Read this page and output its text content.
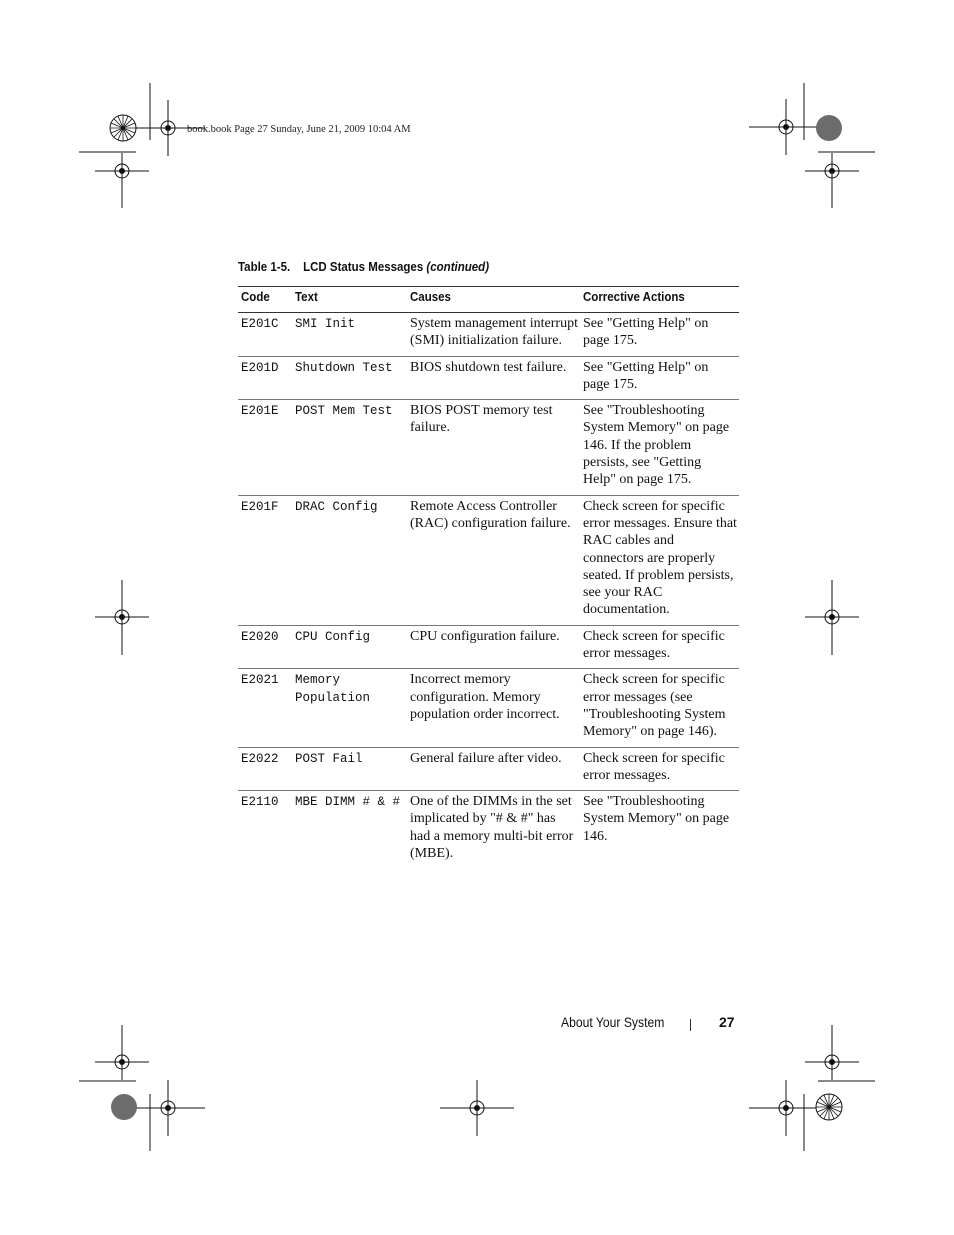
book.book Page 27 Sunday, June 21, 2009 10:04 AM
Table 1-5. LCD Status Messages (continued)
Code	Text	Causes	Corrective Actions
E201C	SMI Init	System management interrupt (SMI) initialization failure.	See "Getting Help" on page 175.
E201D	Shutdown Test	BIOS shutdown test failure.	See "Getting Help" on page 175.
E201E	POST Mem Test	BIOS POST memory test failure.	See "Troubleshooting System Memory" on page 146. If the problem persists, see "Getting Help" on page 175.
E201F	DRAC Config	Remote Access Controller (RAC) configuration failure.	Check screen for specific error messages. Ensure that RAC cables and connectors are properly seated. If problem persists, see your RAC documentation.
E2020	CPU Config	CPU configuration failure.	Check screen for specific error messages.
E2021	Memory Population	Incorrect memory configuration. Memory population order incorrect.	Check screen for specific error messages (see "Troubleshooting System Memory" on page 146).
E2022	POST Fail	General failure after video.	Check screen for specific error messages.
E2110	MBE DIMM # & #	One of the DIMMs in the set implicated by "# & #" has had a memory multi-bit error (MBE).	See "Troubleshooting System Memory" on page 146.
About Your System	27
